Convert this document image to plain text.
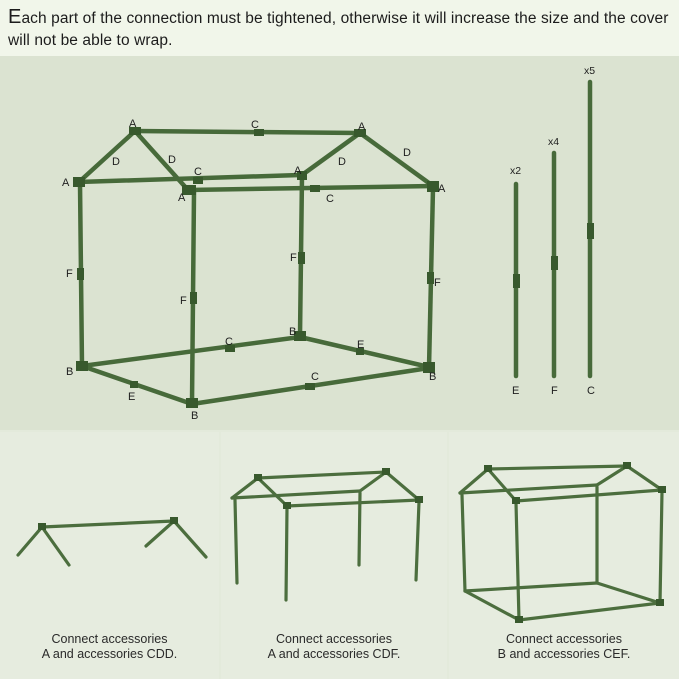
Each part of the connection must be tightened, otherwise it will increase the size and the cover will not be able to wrap.

Connect accessories
A and accessories CDD.
Connect accessories
A and accessories CDF.
Connect accessories
B and accessories CEF.
A	A
A
A
A
A
C
C
C
C
C
D	D	D
D
F
F
F
F
B
B
B
B
E
E
x2
E
x4
F
x5
C
